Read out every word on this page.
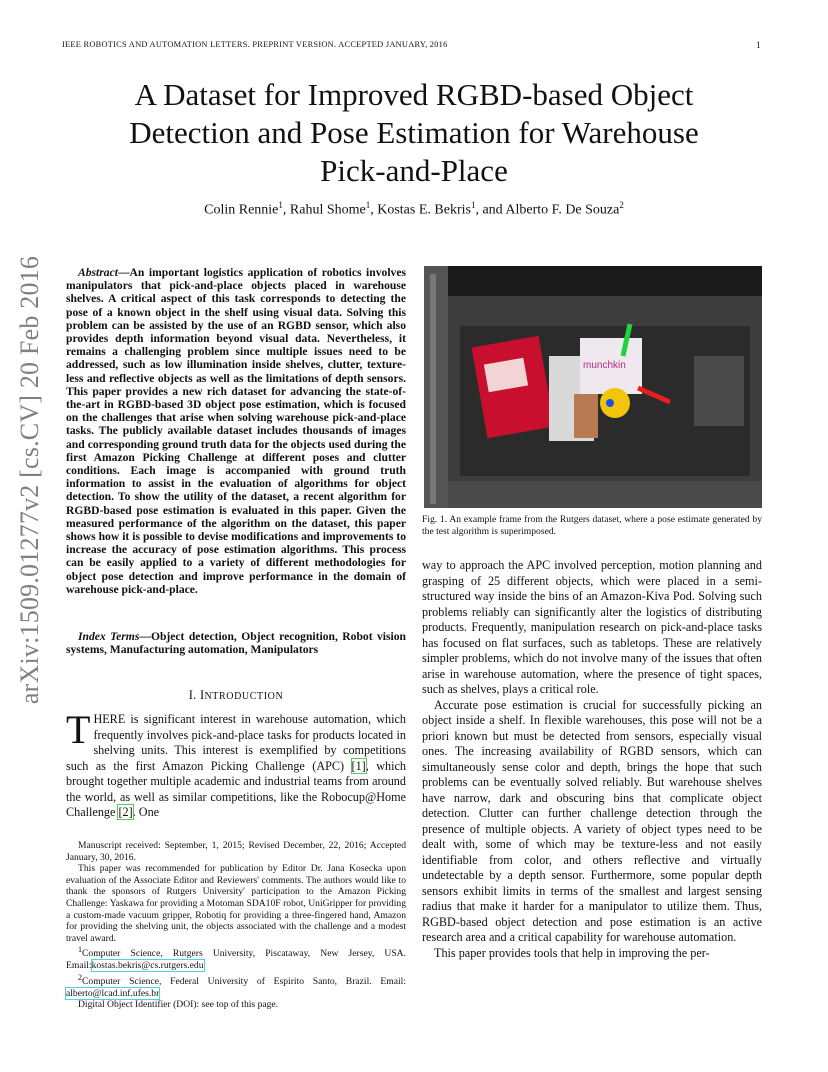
IEEE ROBOTICS AND AUTOMATION LETTERS. PREPRINT VERSION. ACCEPTED JANUARY, 2016	1
A Dataset for Improved RGBD-based Object
Detection and Pose Estimation for Warehouse
Pick-and-Place
Colin Rennie$^1$, Rahul Shome$^1$, Kostas E. Bekris$^1$, and Alberto F. De Souza$^2$
arXiv:1509.01277v2 [cs.CV] 20 Feb 2016	Abstract—An important logistics application of robotics involves manipulators that pick-and-place objects placed in warehouse shelves. A critical aspect of this task corresponds to detecting the pose of a known object in the shelf using visual data. Solving this problem can be assisted by the use of an RGBD sensor, which also provides depth information beyond visual data. Nevertheless, it remains a challenging problem since multiple issues need to be addressed, such as low illumination inside shelves, clutter, texture-less and reflective objects as well as the limitations of depth sensors. This paper provides a new rich dataset for advancing the state-of-the-art in RGBD-based 3D object pose estimation, which is focused on the challenges that arise when solving warehouse pick-and-place tasks. The publicly available dataset includes thousands of images and corresponding ground truth data for the objects used during the first Amazon Picking Challenge at different poses and clutter conditions. Each image is accompanied with ground truth information to assist in the evaluation of algorithms for object detection. To show the utility of the dataset, a recent algorithm for RGBD-based pose estimation is evaluated in this paper. Given the measured performance of the algorithm on the dataset, this paper shows how it is possible to devise modifications and improvements to increase the accuracy of pose estimation algorithms. This process can be easily applied to a variety of different methodologies for object pose detection and improve performance in the domain of warehouse pick-and-place.
Index Terms—Object detection, Object recognition, Robot vision systems, Manufacturing automation, Manipulators
I. INTRODUCTION
THERE is significant interest in warehouse automation, which frequently involves pick-and-place tasks for products located in shelving units. This interest is exemplified by competitions such as the first Amazon Picking Challenge (APC) [1], which brought together multiple academic and industrial teams from around the world, as well as similar competitions, like the Robocup@Home Challenge [2]. One

Manuscript received: September, 1, 2015; Revised December, 22, 2016; Accepted January, 30, 2016.

This paper was recommended for publication by Editor Dr. Jana Kosecka upon evaluation of the Associate Editor and Reviewers' comments. The authors would like to thank the sponsors of Rutgers University' participation to the Amazon Picking Challenge: Yaskawa for providing a Motoman SDA10F robot, UniGripper for providing a custom-made vacuum gripper, Robotiq for providing a three-fingered hand, Amazon for providing the shelving unit, the objects associated with the challenge and a modest travel award.

$^1$Computer Science, Rutgers University, Piscataway, New Jersey, USA. Email:kostas.bekris@cs.rutgers.edu

$^2$Computer Science, Federal University of Espirito Santo, Brazil. Email: alberto@lcad.inf.ufes.br

Digital Object Identifier (DOI): see top of this page.

munchkin
Fig. 1. An example frame from the Rutgers dataset, where a pose estimate generated by the test algorithm is superimposed.

way to approach the APC involved perception, motion planning and grasping of 25 different objects, which were placed in a semi-structured way inside the bins of an Amazon-Kiva Pod. Solving such problems reliably can significantly alter the logistics of distributing products. Frequently, manipulation research on pick-and-place tasks has focused on flat surfaces, such as tabletops. These are relatively simpler problems, which do not involve many of the issues that often arise in warehouse automation, where the presence of tight spaces, such as shelves, plays a critical role.

Accurate pose estimation is crucial for successfully picking an object inside a shelf. In flexible warehouses, this pose will not be a priori known but must be detected from sensors, especially visual ones. The increasing availability of RGBD sensors, which can simultaneously sense color and depth, brings the hope that such problems can be eventually solved reliably. But warehouse shelves have narrow, dark and obscuring bins that complicate object detection. Clutter can further challenge detection through the presence of multiple objects. A variety of object types need to be dealt with, some of which may be texture-less and not easily identifiable from color, and others reflective and virtually undetectable by a depth sensor. Furthermore, some popular depth sensors exhibit limits in terms of the smallest and largest sensing radius that make it harder for a manipulator to utilize them. Thus, RGBD-based object detection and pose estimation is an active research area and a critical capability for warehouse automation.

This paper provides tools that help in improving the per-
